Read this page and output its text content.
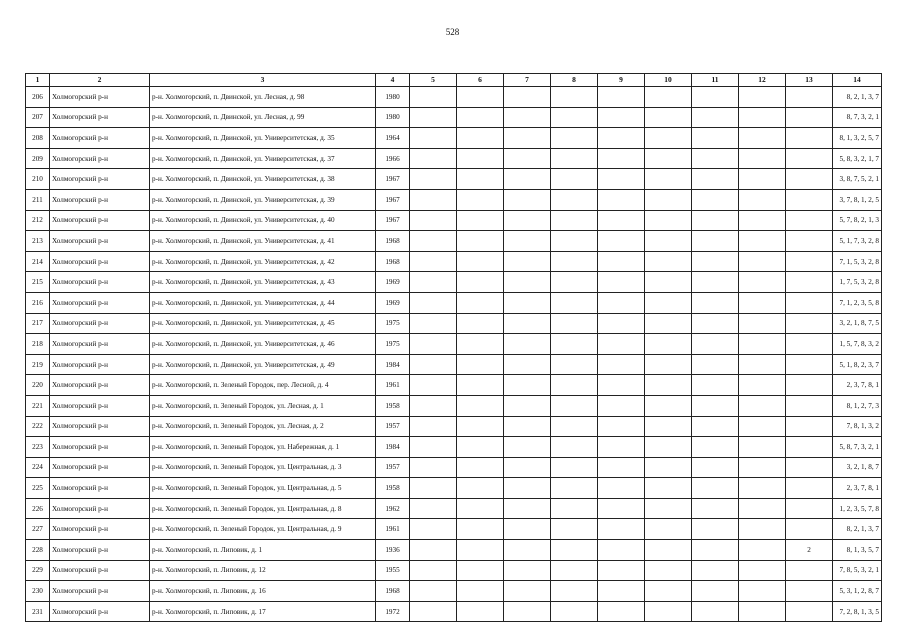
528
1	2	3	4	5	6	7	8	9	10	11	12	13	14
206	Холмогорский р-н	р-н. Холмогорский, п. Двинской, ул. Лесная, д. 98	1980										8, 2, 1, 3, 7
207	Холмогорский р-н	р-н. Холмогорский, п. Двинской, ул. Лесная, д. 99	1980										8, 7, 3, 2, 1
208	Холмогорский р-н	р-н. Холмогорский, п. Двинской, ул. Университетская, д. 35	1964										8, 1, 3, 2, 5, 7
209	Холмогорский р-н	р-н. Холмогорский, п. Двинской, ул. Университетская, д. 37	1966										5, 8, 3, 2, 1, 7
210	Холмогорский р-н	р-н. Холмогорский, п. Двинской, ул. Университетская, д. 38	1967										3, 8, 7, 5, 2, 1
211	Холмогорский р-н	р-н. Холмогорский, п. Двинской, ул. Университетская, д. 39	1967										3, 7, 8, 1, 2, 5
212	Холмогорский р-н	р-н. Холмогорский, п. Двинской, ул. Университетская, д. 40	1967										5, 7, 8, 2, 1, 3
213	Холмогорский р-н	р-н. Холмогорский, п. Двинской, ул. Университетская, д. 41	1968										5, 1, 7, 3, 2, 8
214	Холмогорский р-н	р-н. Холмогорский, п. Двинской, ул. Университетская, д. 42	1968										7, 1, 5, 3, 2, 8
215	Холмогорский р-н	р-н. Холмогорский, п. Двинской, ул. Университетская, д. 43	1969										1, 7, 5, 3, 2, 8
216	Холмогорский р-н	р-н. Холмогорский, п. Двинской, ул. Университетская, д. 44	1969										7, 1, 2, 3, 5, 8
217	Холмогорский р-н	р-н. Холмогорский, п. Двинской, ул. Университетская, д. 45	1975										3, 2, 1, 8, 7, 5
218	Холмогорский р-н	р-н. Холмогорский, п. Двинской, ул. Университетская, д. 46	1975										1, 5, 7, 8, 3, 2
219	Холмогорский р-н	р-н. Холмогорский, п. Двинской, ул. Университетская, д. 49	1984										5, 1, 8, 2, 3, 7
220	Холмогорский р-н	р-н. Холмогорский, п. Зеленый Городок, пер. Лесной, д. 4	1961										2, 3, 7, 8, 1
221	Холмогорский р-н	р-н. Холмогорский, п. Зеленый Городок, ул. Лесная, д. 1	1958										8, 1, 2, 7, 3
222	Холмогорский р-н	р-н. Холмогорский, п. Зеленый Городок, ул. Лесная, д. 2	1957										7, 8, 1, 3, 2
223	Холмогорский р-н	р-н. Холмогорский, п. Зеленый Городок, ул. Набережная, д. 1	1984										5, 8, 7, 3, 2, 1
224	Холмогорский р-н	р-н. Холмогорский, п. Зеленый Городок, ул. Центральная, д. 3	1957										3, 2, 1, 8, 7
225	Холмогорский р-н	р-н. Холмогорский, п. Зеленый Городок, ул. Центральная, д. 5	1958										2, 3, 7, 8, 1
226	Холмогорский р-н	р-н. Холмогорский, п. Зеленый Городок, ул. Центральная, д. 8	1962										1, 2, 3, 5, 7, 8
227	Холмогорский р-н	р-н. Холмогорский, п. Зеленый Городок, ул. Центральная, д. 9	1961										8, 2, 1, 3, 7
228	Холмогорский р-н	р-н. Холмогорский, п. Липовик, д. 1	1936									2	8, 1, 3, 5, 7
229	Холмогорский р-н	р-н. Холмогорский, п. Липовик, д. 12	1955										7, 8, 5, 3, 2, 1
230	Холмогорский р-н	р-н. Холмогорский, п. Липовик, д. 16	1968										5, 3, 1, 2, 8, 7
231	Холмогорский р-н	р-н. Холмогорский, п. Липовик, д. 17	1972										7, 2, 8, 1, 3, 5
